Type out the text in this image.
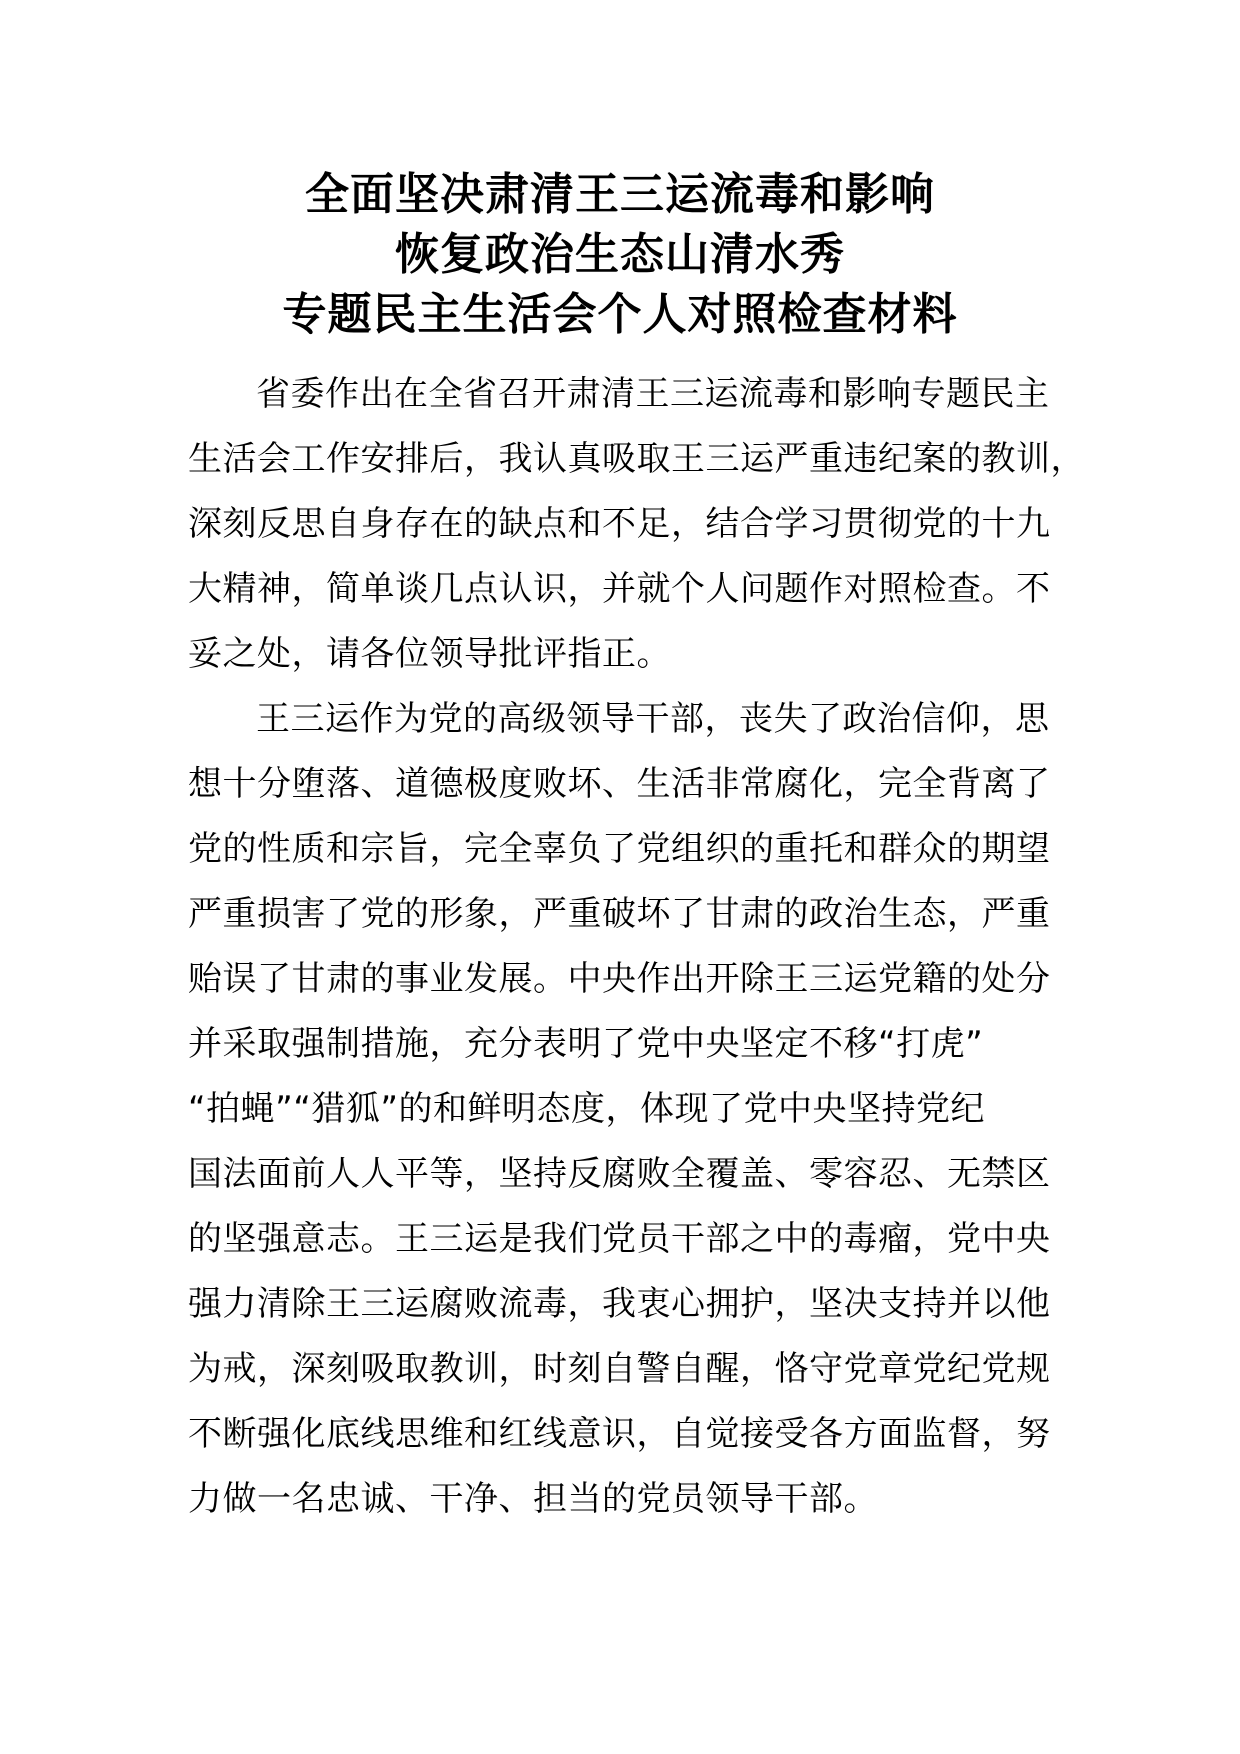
全面坚决肃清王三运流毒和影响
恢复政治生态山清水秀
专题民主生活会个人对照检查材料
省委作出在全省召开肃清王三运流毒和影响专题民主
生活会工作安排后，我认真吸取王三运严重违纪案的教训，
深刻反思自身存在的缺点和不足，结合学习贯彻党的十九
大精神，简单谈几点认识，并就个人问题作对照检查。不
妥之处，请各位领导批评指正。
王三运作为党的高级领导干部，丧失了政治信仰，思
想十分堕落、道德极度败坏、生活非常腐化，完全背离了
党的性质和宗旨，完全辜负了党组织的重托和群众的期望
严重损害了党的形象，严重破坏了甘肃的政治生态，严重
贻误了甘肃的事业发展。中央作出开除王三运党籍的处分
并采取强制措施，充分表明了党中央坚定不移“打虎”
“拍蝇”“猎狐”的和鲜明态度，体现了党中央坚持党纪
国法面前人人平等，坚持反腐败全覆盖、零容忍、无禁区
的坚强意志。王三运是我们党员干部之中的毒瘤，党中央
强力清除王三运腐败流毒，我衷心拥护，坚决支持并以他
为戒，深刻吸取教训，时刻自警自醒，恪守党章党纪党规
不断强化底线思维和红线意识，自觉接受各方面监督，努
力做一名忠诚、干净、担当的党员领导干部。
